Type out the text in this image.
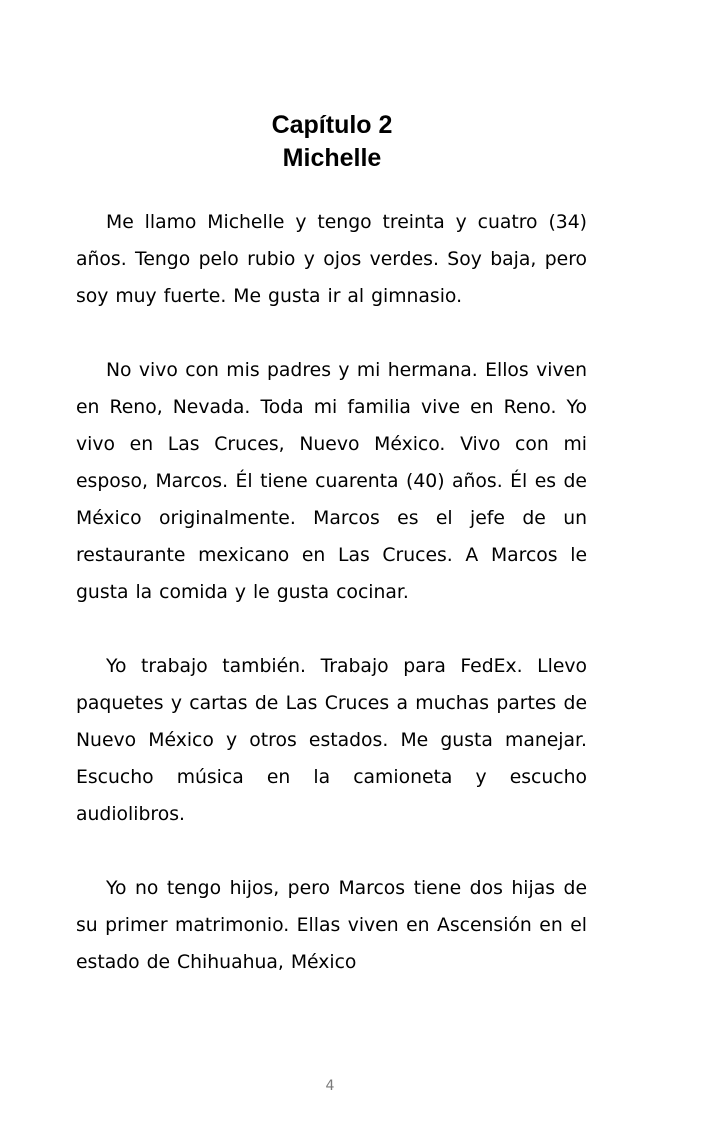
Capítulo 2
Michelle

Me llamo Michelle y tengo treinta y cuatro (34) años. Tengo pelo rubio y ojos verdes. Soy baja, pero soy muy fuerte. Me gusta ir al gimnasio.

No vivo con mis padres y mi hermana. Ellos viven en Reno, Nevada. Toda mi familia vive en Reno. Yo vivo en Las Cruces, Nuevo México. Vivo con mi esposo, Marcos. Él tiene cuarenta (40) años. Él es de México originalmente. Marcos es el jefe de un restaurante mexicano en Las Cruces. A Marcos le gusta la comida y le gusta cocinar.

Yo trabajo también. Trabajo para FedEx. Llevo paquetes y cartas de Las Cruces a muchas partes de Nuevo México y otros estados. Me gusta manejar. Escucho música en la camioneta y escucho audiolibros.

Yo no tengo hijos, pero Marcos tiene dos hijas de su primer matrimonio. Ellas viven en Ascensión en el estado de Chihuahua, México

4
